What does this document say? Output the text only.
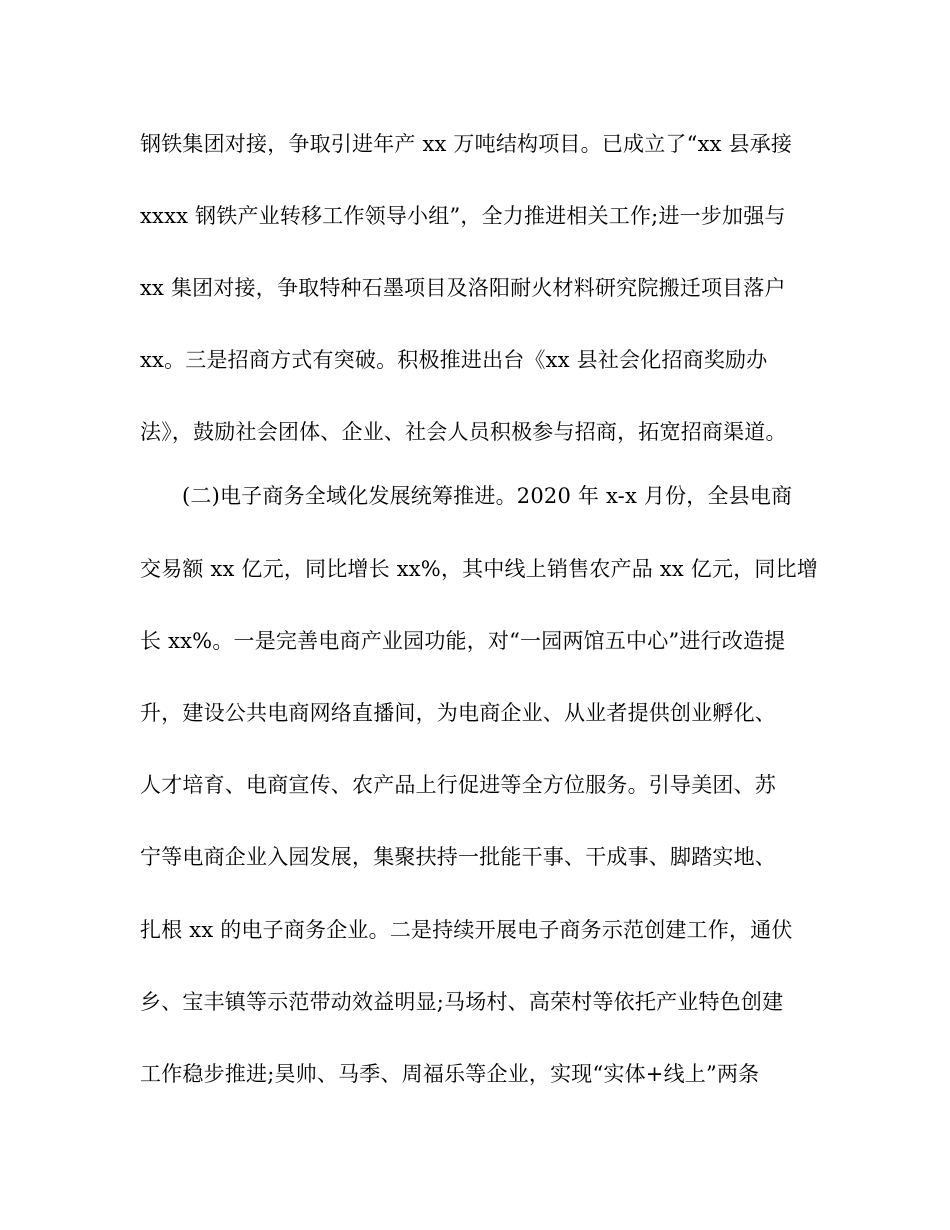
钢铁集团对接，争取引进年产 xx 万吨结构项目。已成立了“xx 县承接
xxxx 钢铁产业转移工作领导小组”，全力推进相关工作;进一步加强与
xx 集团对接，争取特种石墨项目及洛阳耐火材料研究院搬迁项目落户
xx。三是招商方式有突破。积极推进出台《xx 县社会化招商奖励办
法》，鼓励社会团体、企业、社会人员积极参与招商，拓宽招商渠道。
(二)电子商务全域化发展统筹推进。2020 年 x-x 月份，全县电商
交易额 xx 亿元，同比增长 xx%，其中线上销售农产品 xx 亿元，同比增
长 xx%。一是完善电商产业园功能，对“一园两馆五中心”进行改造提
升，建设公共电商网络直播间，为电商企业、从业者提供创业孵化、
人才培育、电商宣传、农产品上行促进等全方位服务。引导美团、苏
宁等电商企业入园发展，集聚扶持一批能干事、干成事、脚踏实地、
扎根 xx 的电子商务企业。二是持续开展电子商务示范创建工作，通伏
乡、宝丰镇等示范带动效益明显;马场村、高荣村等依托产业特色创建
工作稳步推进;昊帅、马季、周福乐等企业，实现“实体+线上”两条
